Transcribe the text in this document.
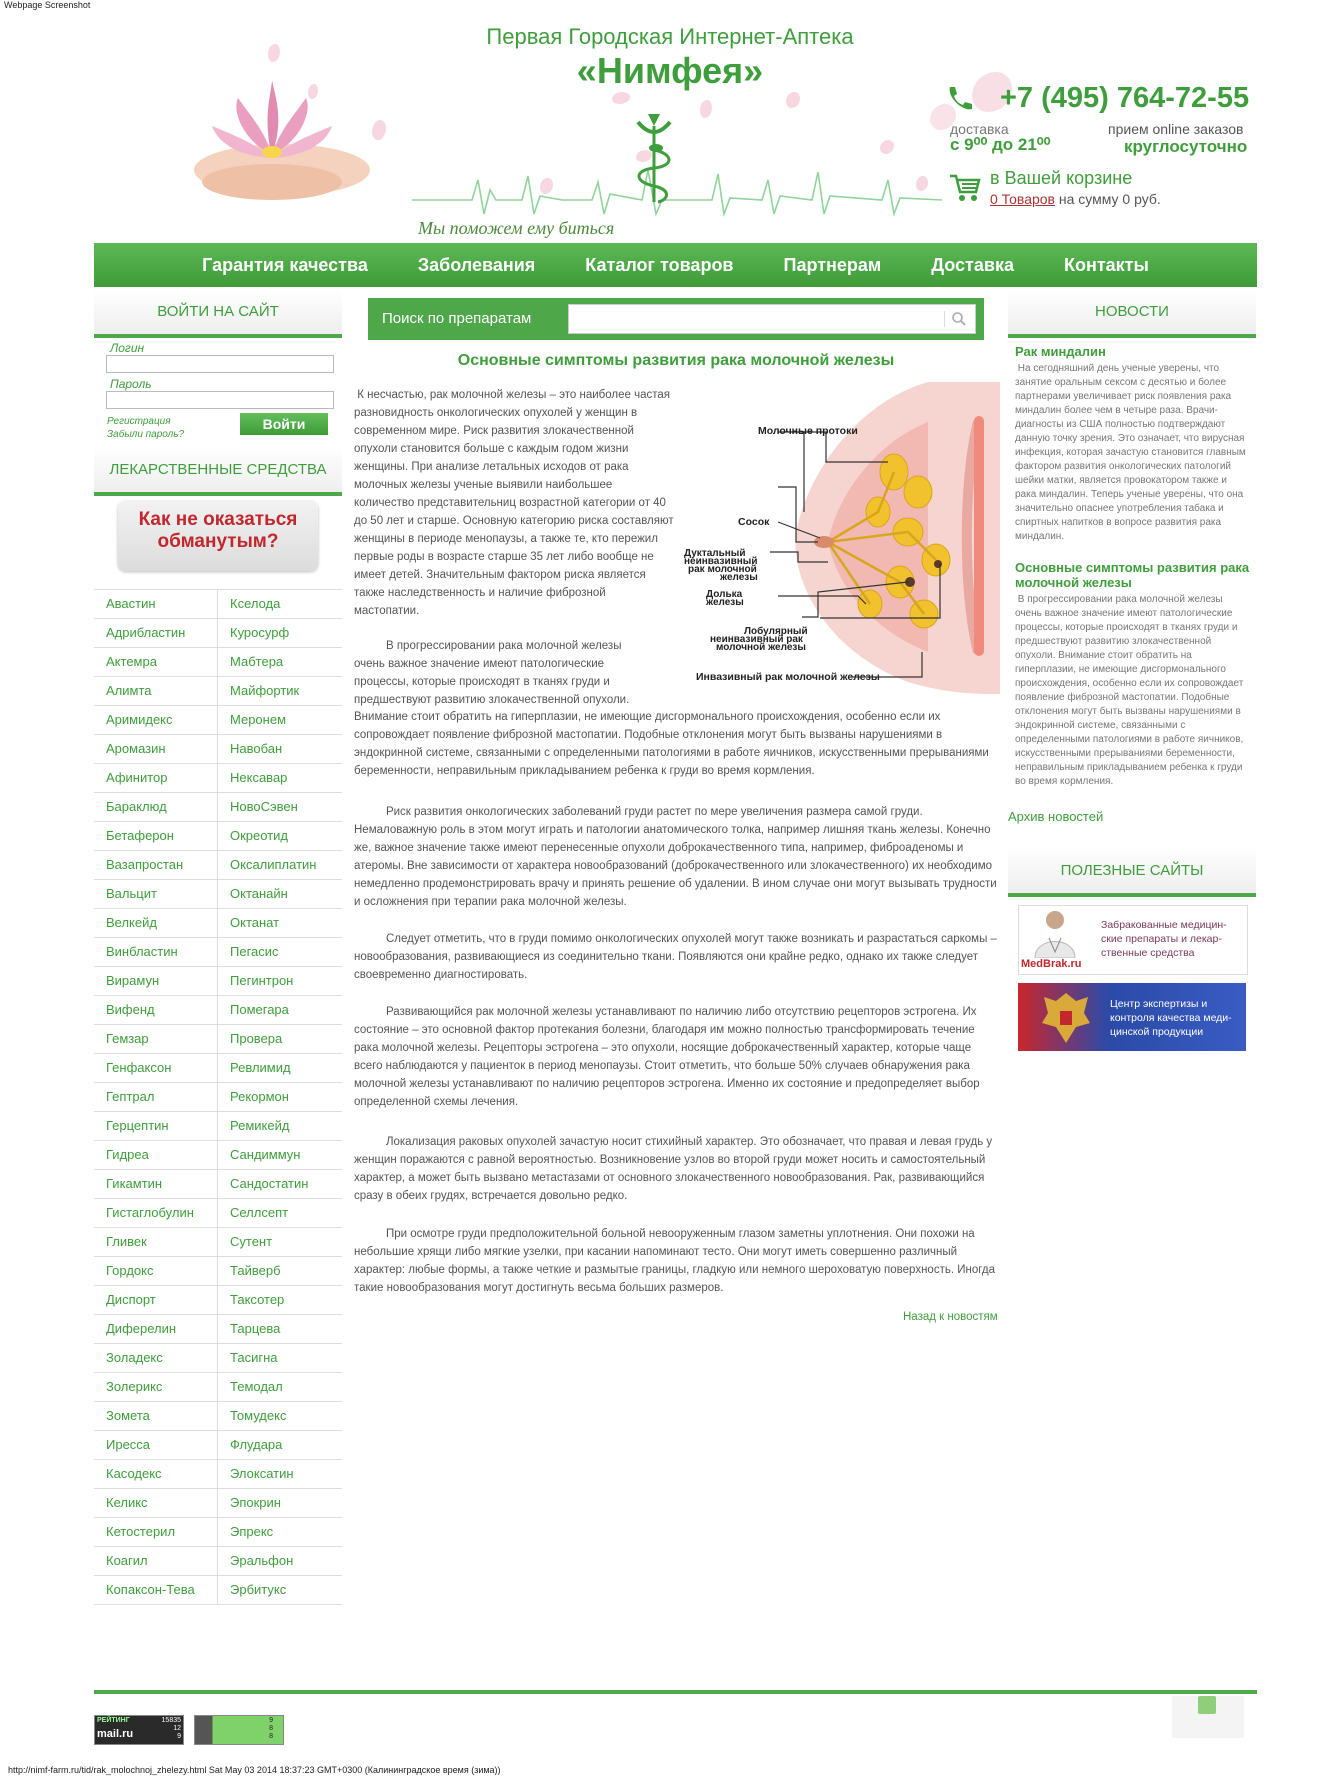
Webpage Screenshot
Первая Городская Интернет-Аптека
«Нимфея»
Мы поможем ему биться
+7 (495) 764-72-55
доставка
с 9⁰⁰ до 21⁰⁰
прием online заказов
круглосуточно
в Вашей корзине
0 Товаров на сумму 0 руб.
Гарантия качества	Заболевания	Каталог товаров	Партнерам	Доставка	Контакты
ВОЙТИ НА САЙТ
Логин
Пароль
Регистрация
Забыли пароль?
Войти
ЛЕКАРСТВЕННЫЕ СРЕДСТВА
Как не оказаться обманутым?
Авастин	Кселода
Адрибластин	Куросурф
Актемра	Мабтера
Алимта	Майфортик
Аримидекс	Меронем
Аромазин	Навобан
Афинитор	Нексавар
Бараклюд	НовоСэвен
Бетаферон	Окреотид
Вазапростан	Оксалиплатин
Вальцит	Октанайн
Велкейд	Октанат
Винбластин	Пегасис
Вирамун	Пегинтрон
Вифенд	Помегара
Гемзар	Провера
Генфаксон	Ревлимид
Гептрал	Рекормон
Герцептин	Ремикейд
Гидреа	Сандиммун
Гикамтин	Сандостатин
Гистаглобулин	Селлсепт
Гливек	Сутент
Гордокс	Тайверб
Диспорт	Таксотер
Диферелин	Тарцева
Золадекс	Тасигна
Золерикс	Темодал
Зомета	Томудекс
Иресса	Флударa
Касодекс	Элоксатин
Келикс	Эпокрин
Кетостерил	Эпрекс
Коагил	Эральфон
Копаксон-Тева	Эрбитукс
Поиск по препаратам
Основные симптомы развития рака молочной железы

К несчастью, рак молочной железы – это наиболее частая разновидность онкологических опухолей у женщин в современном мире. Риск развития злокачественной опухоли становится больше с каждым годом жизни женщины. При анализе летальных исходов от рака молочных железы ученые выявили наибольшее количество представительниц возрастной категории от 40 до 50 лет и старше. Основную категорию риска составляют женщины в периоде менопаузы, а также те, кто пережил первые роды в возрасте старше 35 лет либо вообще не имеет детей. Значительным фактором риска является также наследственность и наличие фиброзной мастопатии.

В прогрессировании рака молочной железы очень важное значение имеют патологические процессы, которые происходят в тканях груди и предшествуют развитию злокачественной опухоли.

Внимание стоит обратить на гиперплазии, не имеющие дисгормонального происхождения, особенно если их сопровождает появление фиброзной мастопатии. Подобные отклонения могут быть вызваны нарушениями в эндокринной системе, связанными с определенными патологиями в работе яичников, искусственными прерываниями беременности, неправильным прикладыванием ребенка к груди во время кормления.

Риск развития онкологических заболеваний груди растет по мере увеличения размера самой груди. Немаловажную роль в этом могут играть и патологии анатомического толка, например лишняя ткань железы. Конечно же, важное значение также имеют перенесенные опухоли доброкачественного типа, например, фиброаденомы и атеромы. Вне зависимости от характера новообразований (доброкачественного или злокачественного) их необходимо немедленно продемонстрировать врачу и принять решение об удалении. В ином случае они могут вызывать трудности и осложнения при терапии рака молочной железы.

Следует отметить, что в груди помимо онкологических опухолей могут также возникать и разрастаться саркомы – новообразования, развивающиеся из соединительно ткани. Появляются они крайне редко, однако их также следует своевременно диагностировать.

Развивающийся рак молочной железы устанавливают по наличию либо отсутствию рецепторов эстрогена. Их состояние – это основной фактор протекания болезни, благодаря им можно полностью трансформировать течение рака молочной железы. Рецепторы эстрогена – это опухоли, носящие доброкачественный характер, которые чаще всего наблюдаются у пациенток в период менопаузы. Стоит отметить, что больше 50% случаев обнаружения рака молочной железы устанавливают по наличию рецепторов эстрогена. Именно их состояние и предопределяет выбор определенной схемы лечения.

Локализация раковых опухолей зачастую носит стихийный характер. Это обозначает, что правая и левая грудь у женщин поражаются с равной вероятностью. Возникновение узлов во второй груди может носить и самостоятельный характер, а может быть вызвано метастазами от основного злокачественного новообразования. Рак, развивающийся сразу в обеих грудях, встречается довольно редко.

При осмотре груди предположительной больной невооруженным глазом заметны уплотнения. Они похожи на небольшие хрящи либо мягкие узелки, при касании напоминают тесто. Они могут иметь совершенно различный характер: любые формы, а также четкие и размытые границы, гладкую или немного шероховатую поверхность. Иногда такие новообразования могут достигнуть весьма больших размеров.

Назад к новостям
Молочные протоки
Сосок
Дуктальный
неинвазивный
рак молочной
железы
Долька
железы
Лобулярный
неинвазивный рак
молочной железы
Инвазивный рак молочной железы
НОВОСТИ
Рак миндалин
На сегодняшний день ученые уверены, что занятие оральным сексом с десятью и более партнерами увеличивает риск появления рака миндалин более чем в четыре раза. Врачи-диагносты из США полностью подтверждают данную точку зрения. Это означает, что вирусная инфекция, которая зачастую становится главным фактором развития онкологических патологий шейки матки, является провокатором также и рака миндалин. Теперь ученые уверены, что она значительно опаснее употребления табака и спиртных напитков в вопросе развития рака миндалин.
Основные симптомы развития рака молочной железы
В прогрессировании рака молочной железы очень важное значение имеют патологические процессы, которые происходят в тканях груди и предшествуют развитию злокачественной опухоли. Внимание стоит обратить на гиперплазии, не имеющие дисгормонального происхождения, особенно если их сопровождает появление фиброзной мастопатии. Подобные отклонения могут быть вызваны нарушениями в эндокринной системе, связанными с определенными патологиями в работе яичников, искусственными прерываниями беременности, неправильным прикладыванием ребенка к груди во время кормления.
Архив новостей
ПОЛЕЗНЫЕ САЙТЫ
MedBrak.ru
Забракованные медицин-ские препараты и лекар-ственные средства
Центр экспертизы и контроля качества меди-цинской продукции
РЕЙТИНГ
mail.ru
15835
12
9
9
8
8
http://nimf-farm.ru/tid/rak_molochnoj_zhelezy.html Sat May 03 2014 18:37:23 GMT+0300 (Калининградское время (зима))
